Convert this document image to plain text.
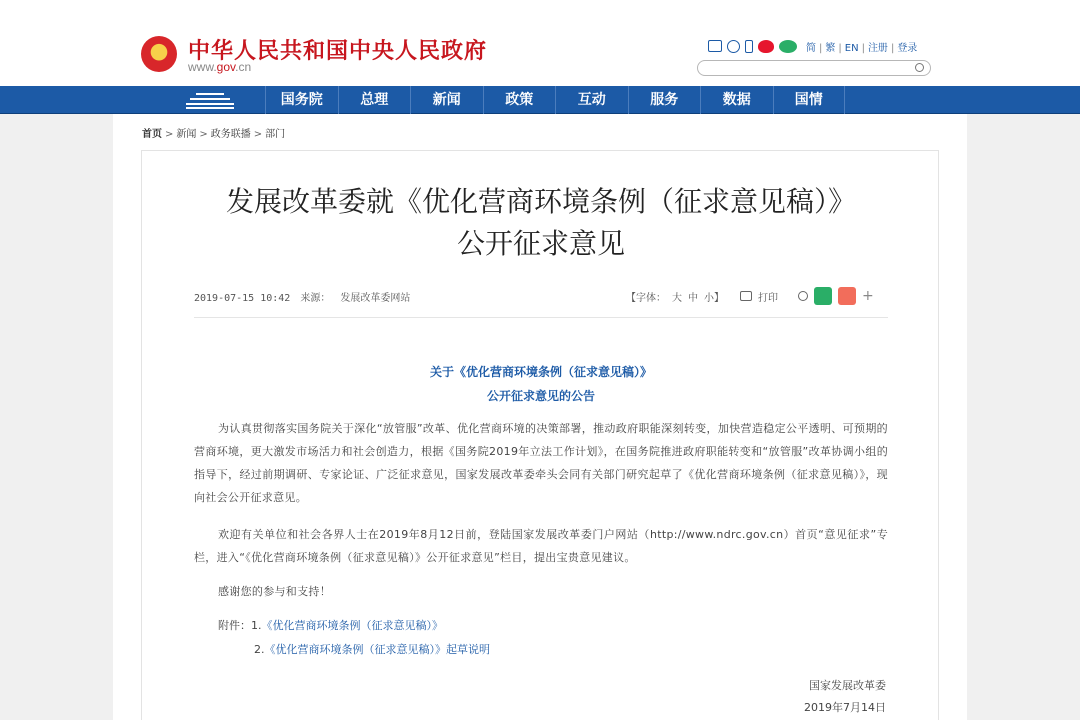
中华人民共和国中央人民政府
www.gov.cn
简 | 繁 | EN | 注册 | 登录
国务院	总理	新闻	政策	互动	服务	数据	国情
首页 > 新闻 > 政务联播 > 部门
发展改革委就《优化营商环境条例（征求意见稿）》
公开征求意见
2019-07-15 10:42 来源： 发展改革委网站	【字体： 大 中 小】	打印	+
关于《优化营商环境条例（征求意见稿）》
公开征求意见的公告

为认真贯彻落实国务院关于深化“放管服”改革、优化营商环境的决策部署，推动政府职能深刻转变，加快营造稳定公平透明、可预期的营商环境，更大激发市场活力和社会创造力，根据《国务院2019年立法工作计划》，在国务院推进政府职能转变和“放管服”改革协调小组的指导下，经过前期调研、专家论证、广泛征求意见，国家发展改革委牵头会同有关部门研究起草了《优化营商环境条例（征求意见稿）》，现向社会公开征求意见。

欢迎有关单位和社会各界人士在2019年8月12日前，登陆国家发展改革委门户网站（http://www.ndrc.gov.cn）首页“意见征求”专栏，进入“《优化营商环境条例（征求意见稿）》公开征求意见”栏目，提出宝贵意见建议。

感谢您的参与和支持！

附件：1.《优化营商环境条例（征求意见稿）》
2.《优化营商环境条例（征求意见稿）》起草说明
国家发展改革委
2019年7月14日
